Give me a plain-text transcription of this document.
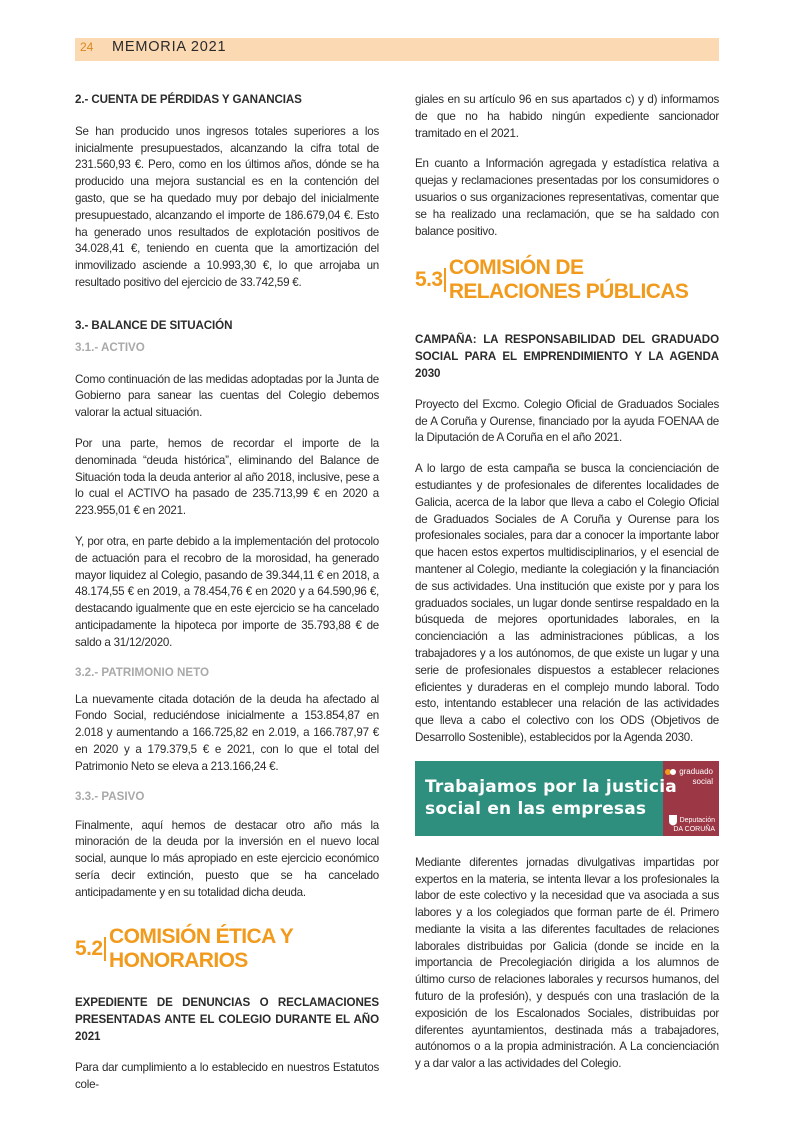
24 MEMORIA 2021
2.- CUENTA DE PÉRDIDAS Y GANANCIAS

Se han producido unos ingresos totales superiores a los inicialmente presupuestados, alcanzando la cifra total de 231.560,93 €. Pero, como en los últimos años, dónde se ha producido una mejora sustancial es en la contención del gasto, que se ha quedado muy por debajo del inicialmente presupuestado, alcanzando el importe de 186.679,04 €. Esto ha generado unos resultados de explotación positivos de 34.028,41 €, teniendo en cuenta que la amortización del inmovilizado asciende a 10.993,30 €, lo que arrojaba un resultado positivo del ejercicio de 33.742,59 €.

3.- BALANCE DE SITUACIÓN
3.1.- ACTIVO

Como continuación de las medidas adoptadas por la Junta de Gobierno para sanear las cuentas del Colegio debemos valorar la actual situación.

Por una parte, hemos de recordar el importe de la denominada “deuda histórica”, eliminando del Balance de Situación toda la deuda anterior al año 2018, inclusive, pese a lo cual el ACTIVO ha pasado de 235.713,99 € en 2020 a 223.955,01 € en 2021.

Y, por otra, en parte debido a la implementación del protocolo de actuación para el recobro de la morosidad, ha generado mayor liquidez al Colegio, pasando de 39.344,11 € en 2018, a 48.174,55 € en 2019, a 78.454,76 € en 2020 y a 64.590,96 €, destacando igualmente que en este ejercicio se ha cancelado anticipadamente la hipoteca por importe de 35.793,88 € de saldo a 31/12/2020.

3.2.- PATRIMONIO NETO

La nuevamente citada dotación de la deuda ha afectado al Fondo Social, reduciéndose inicialmente a 153.854,87 en 2.018 y aumentando a 166.725,82 en 2.019, a 166.787,97 € en 2020 y a 179.379,5 € e 2021, con lo que el total del Patrimonio Neto se eleva a 213.166,24 €.

3.3.- PASIVO

Finalmente, aquí hemos de destacar otro año más la minoración de la deuda por la inversión en el nuevo local social, aunque lo más apropiado en este ejercicio económico sería decir extinción, puesto que se ha cancelado anticipadamente y en su totalidad dicha deuda.

5.2
COMISIÓN ÉTICA Y HONORARIOS
EXPEDIENTE DE DENUNCIAS O RECLAMACIONES PRESENTADAS ANTE EL COLEGIO DURANTE EL AÑO 2021

Para dar cumplimiento a lo establecido en nuestros Estatutos cole-

giales en su artículo 96 en sus apartados c) y d) informamos de que no ha habido ningún expediente sancionador tramitado en el 2021.

En cuanto a Información agregada y estadística relativa a quejas y reclamaciones presentadas por los consumidores o usuarios o sus organizaciones representativas, comentar que se ha realizado una reclamación, que se ha saldado con balance positivo.

5.3
COMISIÓN DE RELACIONES PÚBLICAS
CAMPAÑA: LA RESPONSABILIDAD DEL GRADUADO SOCIAL PARA EL EMPRENDIMIENTO Y LA AGENDA 2030

Proyecto del Excmo. Colegio Oficial de Graduados Sociales de A Coruña y Ourense, financiado por la ayuda FOENAA de la Diputación de A Coruña en el año 2021.

A lo largo de esta campaña se busca la concienciación de estudiantes y de profesionales de diferentes localidades de Galicia, acerca de la labor que lleva a cabo el Colegio Oficial de Graduados Sociales de A Coruña y Ourense para los profesionales sociales, para dar a conocer la importante labor que hacen estos expertos multidisciplinarios, y el esencial de mantener al Colegio, mediante la colegiación y la financiación de sus actividades. Una institución que existe por y para los graduados sociales, un lugar donde sentirse respaldado en la búsqueda de mejores oportunidades laborales, en la concienciación a las administraciones públicas, a los trabajadores y a los autónomos, de que existe un lugar y una serie de profesionales dispuestos a establecer relaciones eficientes y duraderas en el complejo mundo laboral. Todo esto, intentando establecer una relación de las actividades que lleva a cabo el colectivo con los ODS (Objetivos de Desarrollo Sostenible), establecidos por la Agenda 2030.

Trabajamos por la justicia
social en las empresas
graduado social
Deputación DA CORUÑA

Mediante diferentes jornadas divulgativas impartidas por expertos en la materia, se intenta llevar a los profesionales la labor de este colectivo y la necesidad que va asociada a sus labores y a los colegiados que forman parte de él. Primero mediante la visita a las diferentes facultades de relaciones laborales distribuidas por Galicia (donde se incide en la importancia de Precolegiación dirigida a los alumnos de último curso de relaciones laborales y recursos humanos, del futuro de la profesión), y después con una traslación de la exposición de los Escalonados Sociales, distribuidas por diferentes ayuntamientos, destinada más a trabajadores, autónomos o a la propia administración. A La concienciación y a dar valor a las actividades del Colegio.
